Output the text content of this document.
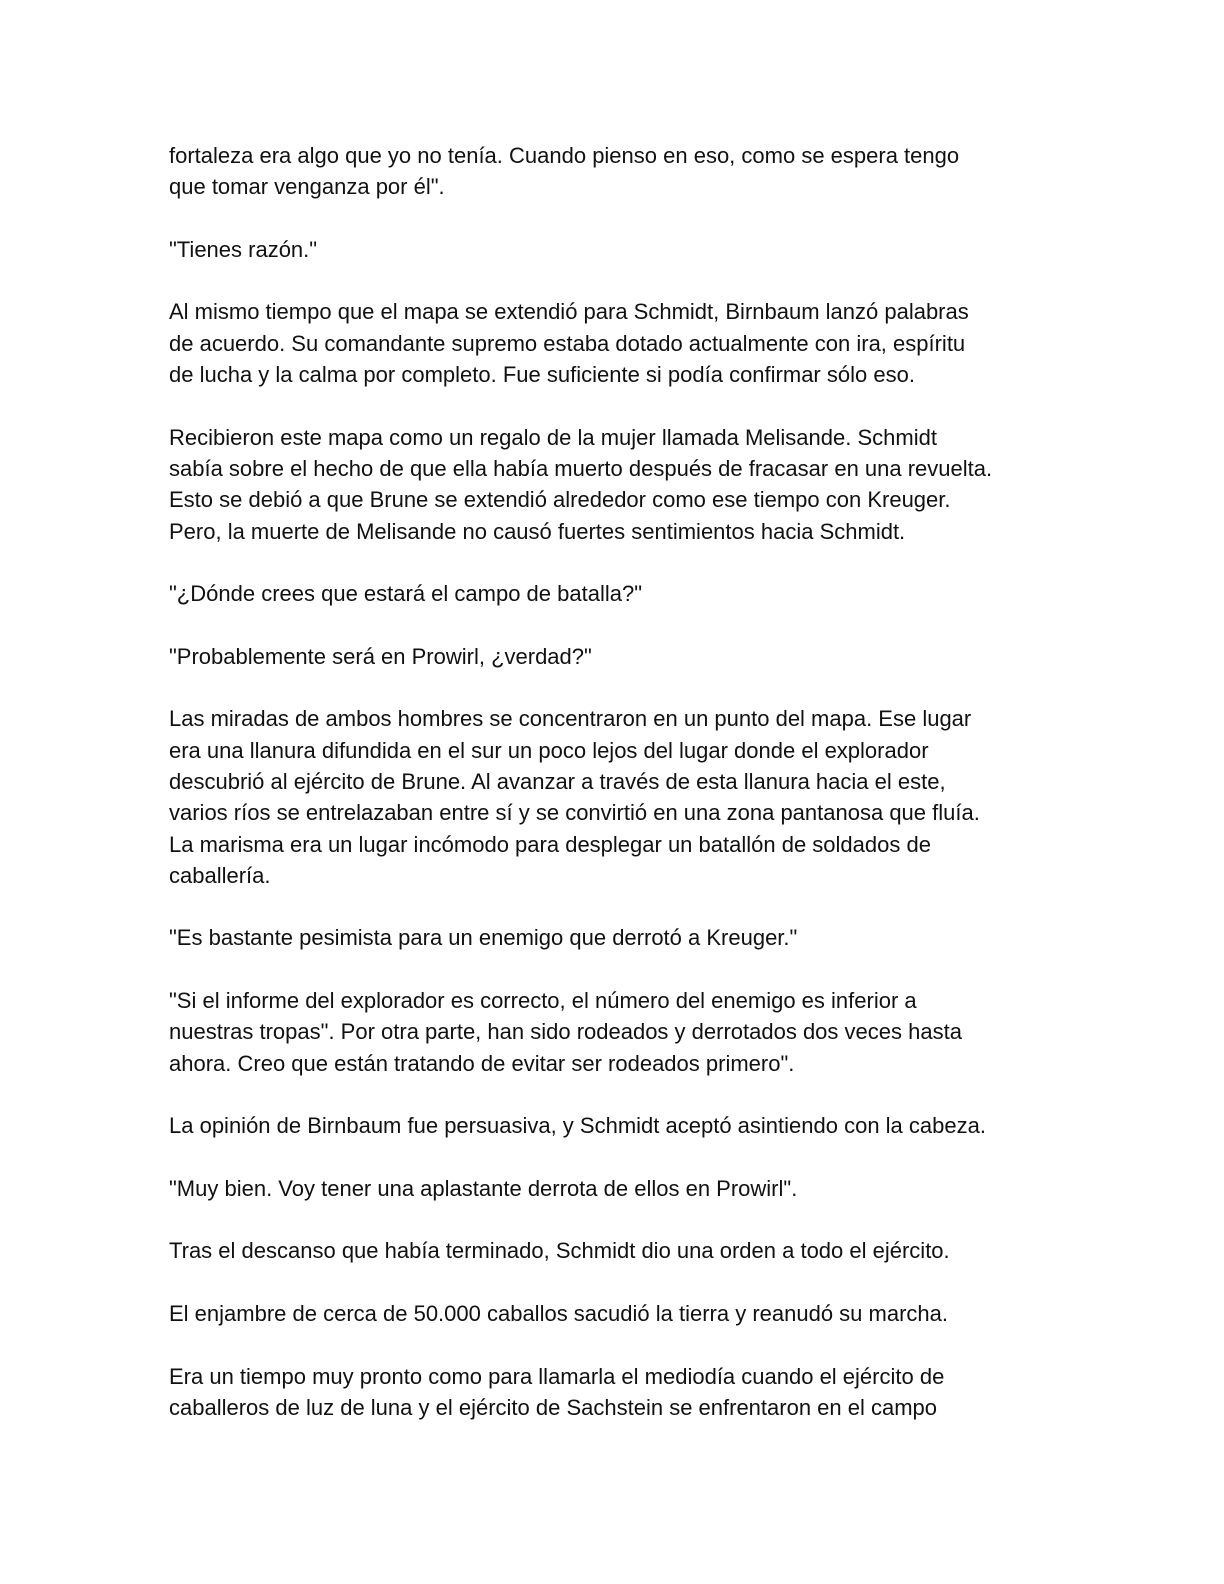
fortaleza era algo que yo no tenía. Cuando pienso en eso, como se espera tengo
que tomar venganza por él".
"Tienes razón."
Al mismo tiempo que el mapa se extendió para Schmidt, Birnbaum lanzó palabras
de acuerdo. Su comandante supremo estaba dotado actualmente con ira, espíritu
de lucha y la calma por completo. Fue suficiente si podía confirmar sólo eso.
Recibieron este mapa como un regalo de la mujer llamada Melisande. Schmidt
sabía sobre el hecho de que ella había muerto después de fracasar en una revuelta.
Esto se debió a que Brune se extendió alrededor como ese tiempo con Kreuger.
Pero, la muerte de Melisande no causó fuertes sentimientos hacia Schmidt.
"¿Dónde crees que estará el campo de batalla?"
"Probablemente será en Prowirl, ¿verdad?"
Las miradas de ambos hombres se concentraron en un punto del mapa. Ese lugar
era una llanura difundida en el sur un poco lejos del lugar donde el explorador
descubrió al ejército de Brune. Al avanzar a través de esta llanura hacia el este,
varios ríos se entrelazaban entre sí y se convirtió en una zona pantanosa que fluía.
La marisma era un lugar incómodo para desplegar un batallón de soldados de
caballería.
"Es bastante pesimista para un enemigo que derrotó a Kreuger."
"Si el informe del explorador es correcto, el número del enemigo es inferior a
nuestras tropas". Por otra parte, han sido rodeados y derrotados dos veces hasta
ahora. Creo que están tratando de evitar ser rodeados primero".
La opinión de Birnbaum fue persuasiva, y Schmidt aceptó asintiendo con la cabeza.
"Muy bien. Voy tener una aplastante derrota de ellos en Prowirl".
Tras el descanso que había terminado, Schmidt dio una orden a todo el ejército.
El enjambre de cerca de 50.000 caballos sacudió la tierra y reanudó su marcha.
Era un tiempo muy pronto como para llamarla el mediodía cuando el ejército de
caballeros de luz de luna y el ejército de Sachstein se enfrentaron en el campo
